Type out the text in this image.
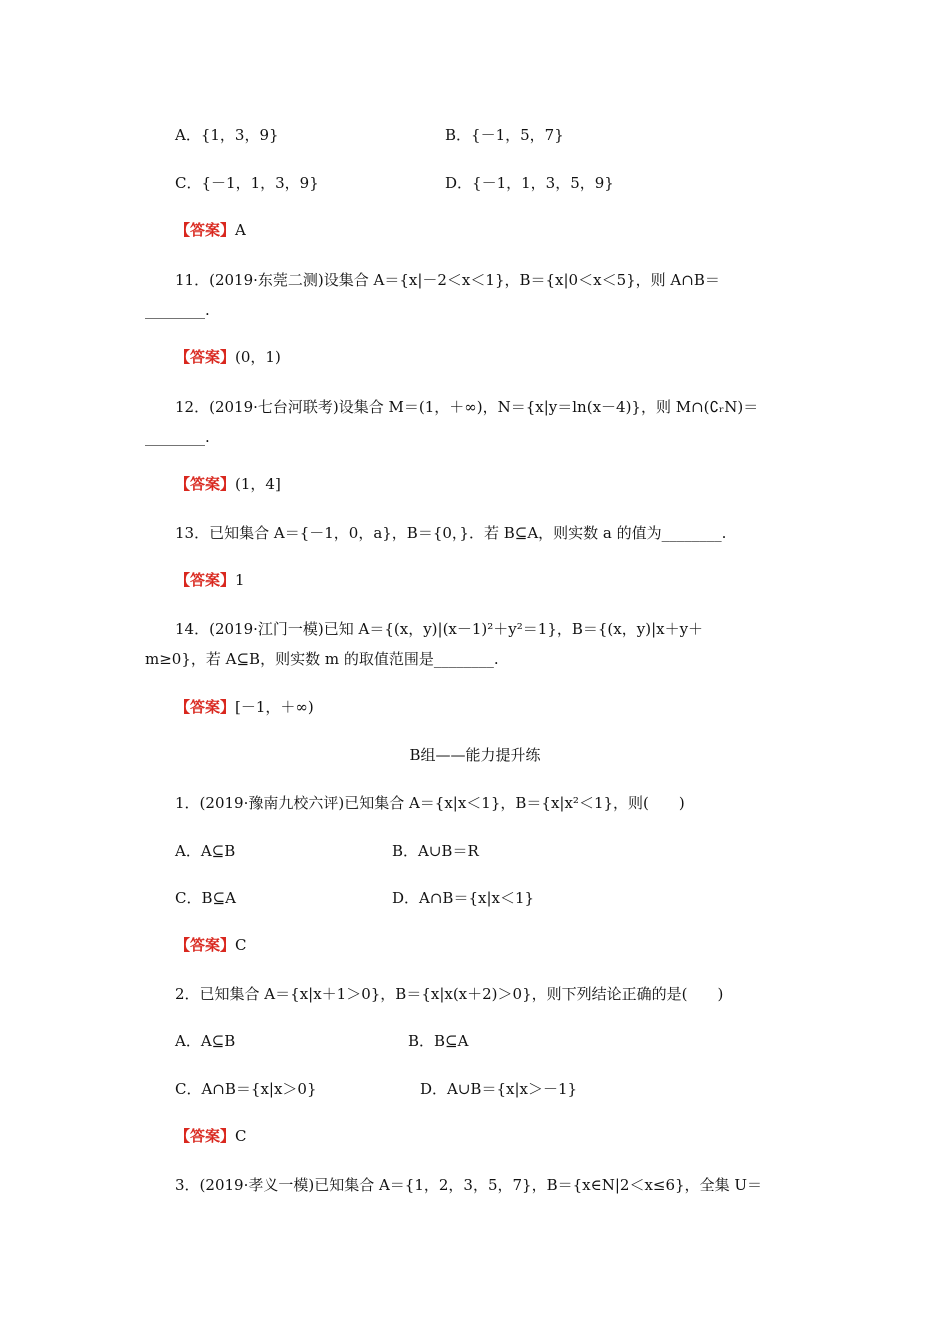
A．{1，3，9}	B．{－1，5，7}
C．{－1，1，3，9}	D．{－1，1，3，5，9}
【答案】A
11．(2019·东莞二测)设集合 A＝{x|－2＜x＜1}，B＝{x|0＜x＜5}，则 A∩B＝
________.
【答案】(0，1)
12．(2019·七台河联考)设集合 M＝(1，＋∞)，N＝{x|y＝ln(x－4)}，则 M∩(∁ᵣN)＝
________.
【答案】(1，4]
13．已知集合 A＝{－1，0，a}，B＝{0，}．若 B⊆A，则实数 a 的值为________.
【答案】1
14．(2019·江门一模)已知 A＝{(x，y)|(x－1)²＋y²＝1}，B＝{(x，y)|x＋y＋
m≥0}，若 A⊆B，则实数 m 的取值范围是________.
【答案】[－1，＋∞)
B组——能力提升练
1．(2019·豫南九校六评)已知集合 A＝{x|x＜1}，B＝{x|x²＜1}，则(　　)
A．A⊆B	B．A∪B＝R
C．B⊆A	D．A∩B＝{x|x＜1}
【答案】C
2．已知集合 A＝{x|x＋1＞0}，B＝{x|x(x＋2)＞0}，则下列结论正确的是(　　)
A．A⊆B	B．B⊆A
C．A∩B＝{x|x＞0}	D．A∪B＝{x|x＞－1}
【答案】C
3．(2019·孝义一模)已知集合 A＝{1，2，3，5，7}，B＝{x∈N|2＜x≤6}，全集 U＝
